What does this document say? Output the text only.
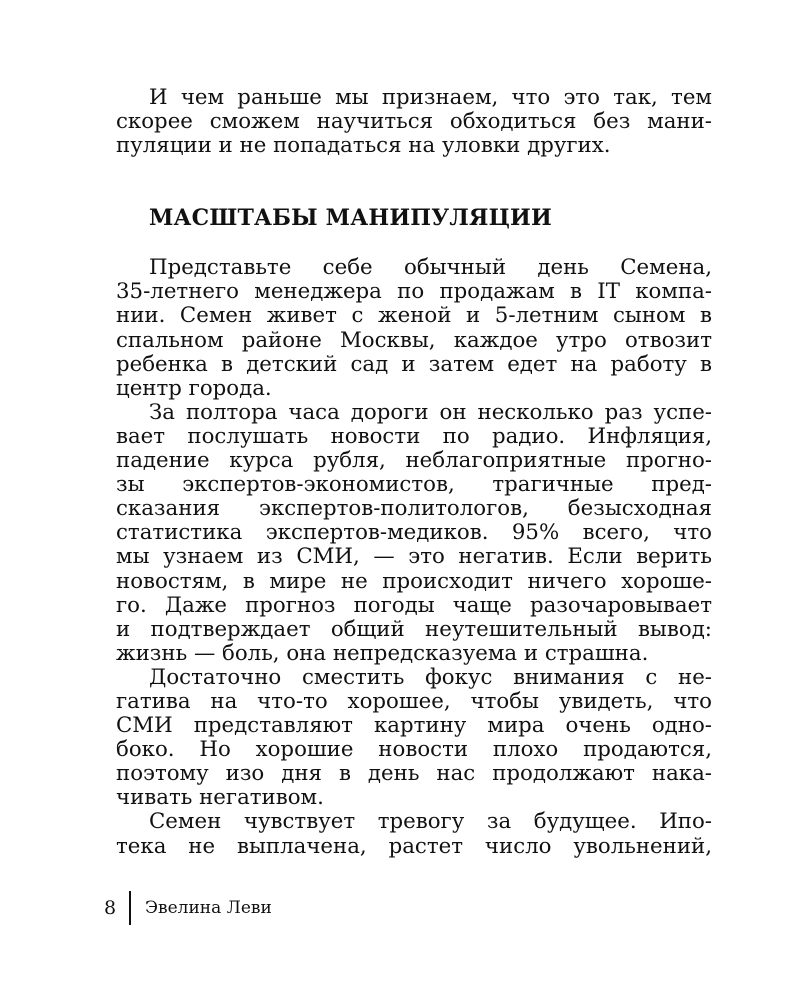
И чем раньше мы признаем, что это так, тем
скорее сможем научиться обходиться без мани-
пуляции и не попадаться на уловки других.
МАСШТАБЫ МАНИПУЛЯЦИИ
Представьте себе обычный день Семена,
35-летнего менеджера по продажам в IT компа-
нии. Семен живет с женой и 5-летним сыном в
спальном районе Москвы, каждое утро отвозит
ребенка в детский сад и затем едет на работу в
центр города.
За полтора часа дороги он несколько раз успе-
вает послушать новости по радио. Инфляция,
падение курса рубля, неблагоприятные прогно-
зы экспертов-экономистов, трагичные пред-
сказания экспертов-политологов, безысходная
статистика экспертов-медиков. 95% всего, что
мы узнаем из СМИ, — это негатив. Если верить
новостям, в мире не происходит ничего хороше-
го. Даже прогноз погоды чаще разочаровывает
и подтверждает общий неутешительный вывод:
жизнь — боль, она непредсказуема и страшна.
Достаточно сместить фокус внимания с не-
гатива на что-то хорошее, чтобы увидеть, что
СМИ представляют картину мира очень одно-
боко. Но хорошие новости плохо продаются,
поэтому изо дня в день нас продолжают нака-
чивать негативом.
Семен чувствует тревогу за будущее. Ипо-
тека не выплачена, растет число увольнений,
8	Эвелина Леви
